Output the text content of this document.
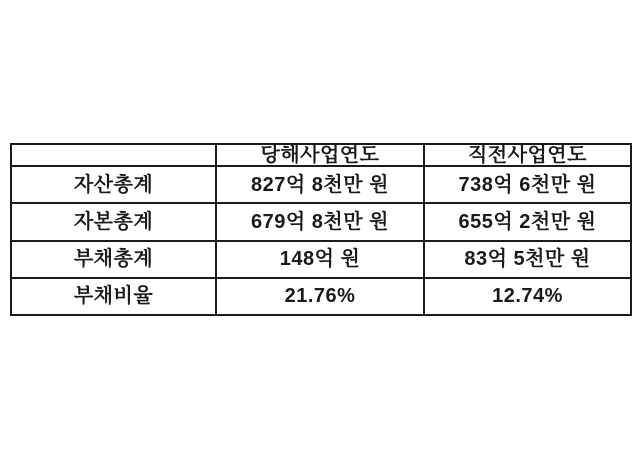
	당해사업연도	직전사업연도
자산총계	827억 8천만 원	738억 6천만 원
자본총계	679억 8천만 원	655억 2천만 원
부채총계	148억 원	83억 5천만 원
부채비율	21.76%	12.74%
